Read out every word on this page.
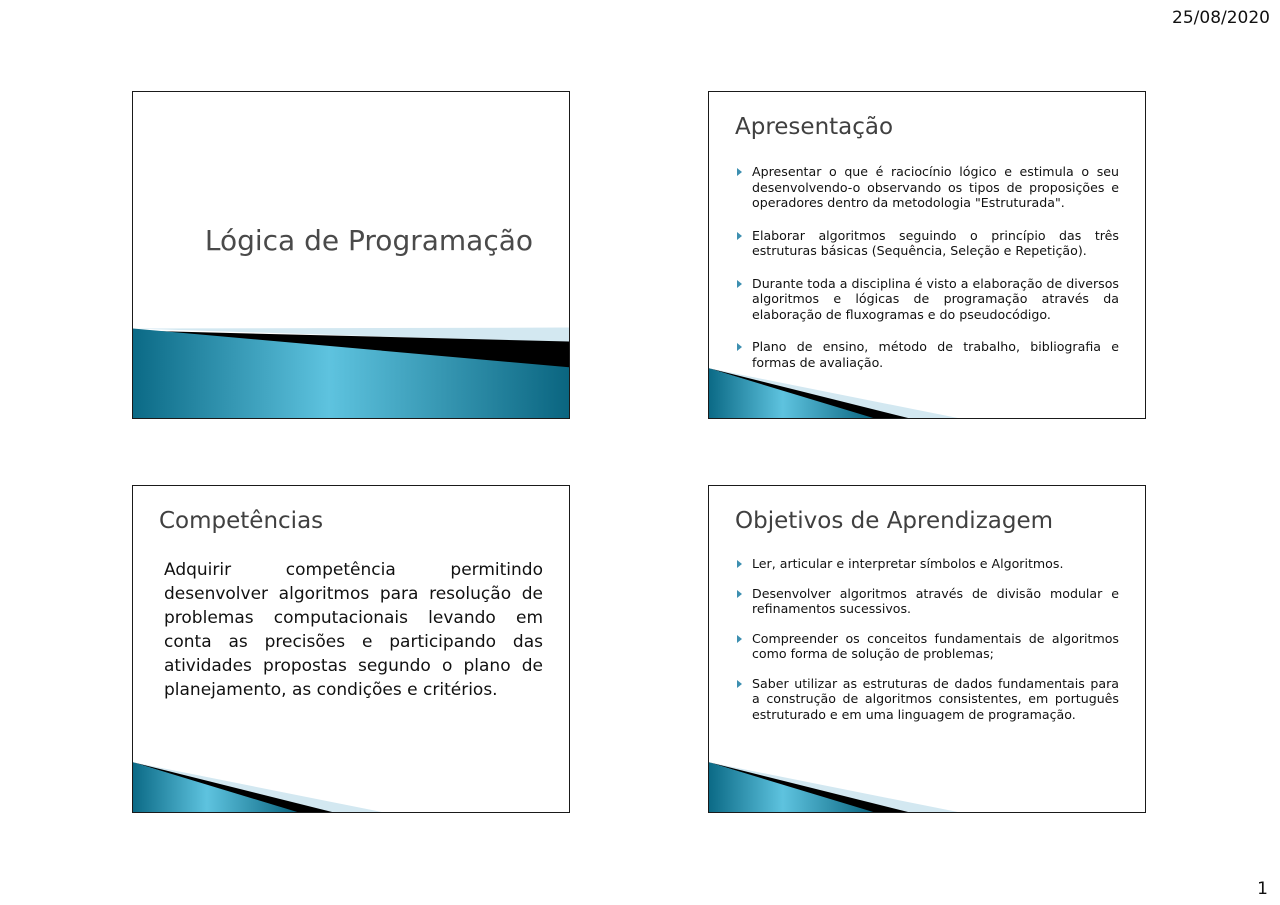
25/08/2020
Lógica de Programação
Apresentação
Apresentar o que é raciocínio lógico e estimula o seu desenvolvendo-o observando os tipos de proposições e operadores dentro da metodologia "Estruturada".
Elaborar algoritmos seguindo o princípio das três estruturas básicas (Sequência, Seleção e Repetição).
Durante toda a disciplina é visto a elaboração de diversos algoritmos e lógicas de programação através da elaboração de fluxogramas e do pseudocódigo.
Plano de ensino, método de trabalho, bibliografia e formas de avaliação.
Competências

Adquirir competência permitindo desenvolver algoritmos para resolução de problemas computacionais levando em conta as precisões e participando das atividades propostas segundo o plano de planejamento, as condições e critérios.

Objetivos de Aprendizagem
Ler, articular e interpretar símbolos e Algoritmos.
Desenvolver algoritmos através de divisão modular e refinamentos sucessivos.
Compreender os conceitos fundamentais de algoritmos como forma de solução de problemas;
Saber utilizar as estruturas de dados fundamentais para a construção de algoritmos consistentes, em português estruturado e em uma linguagem de programação.
1
